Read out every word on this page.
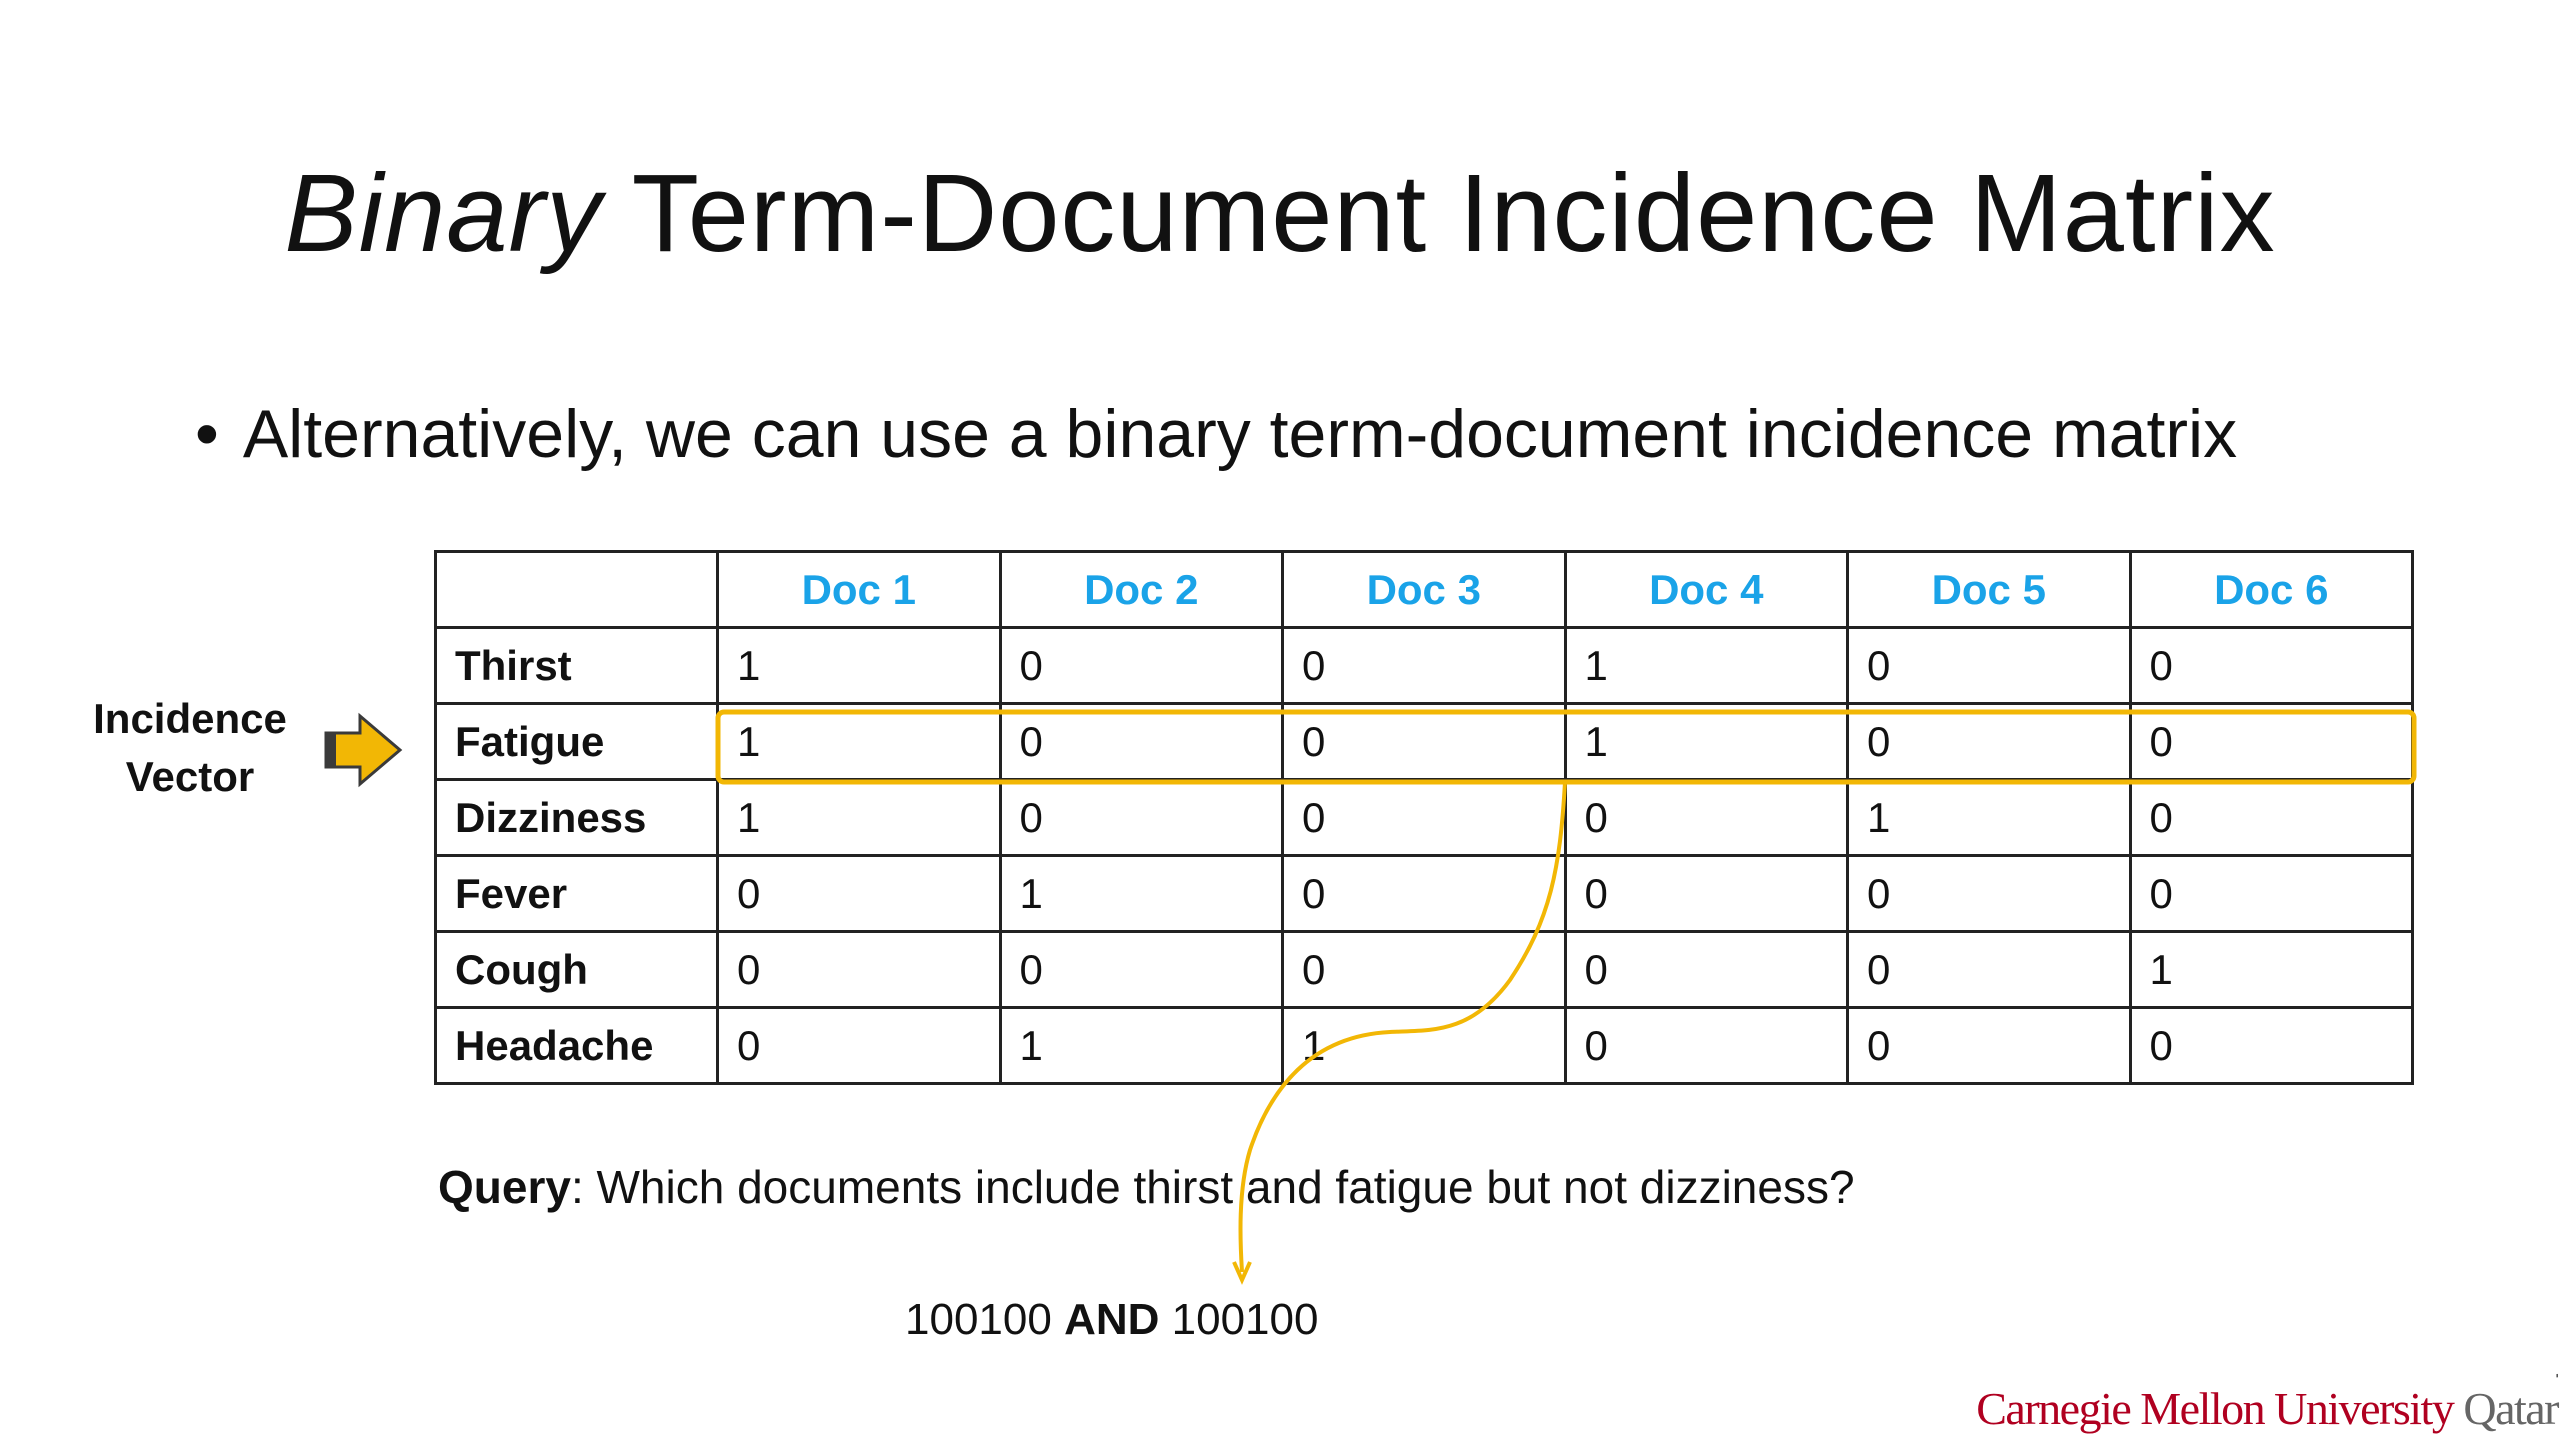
Binary Term-Document Incidence Matrix
• Alternatively, we can use a binary term-document incidence matrix
	Doc 1	Doc 2	Doc 3	Doc 4	Doc 5	Doc 6
Thirst	1	0	0	1	0	0
Fatigue	1	0	0	1	0	0
Dizziness	1	0	0	0	1	0
Fever	0	1	0	0	0	0
Cough	0	0	0	0	0	1
Headache	0	1	1	0	0	0
Incidence
Vector
Query: Which documents include thirst and fatigue but not dizziness?
100100 AND 100100
Carnegie Mellon University Qatar
